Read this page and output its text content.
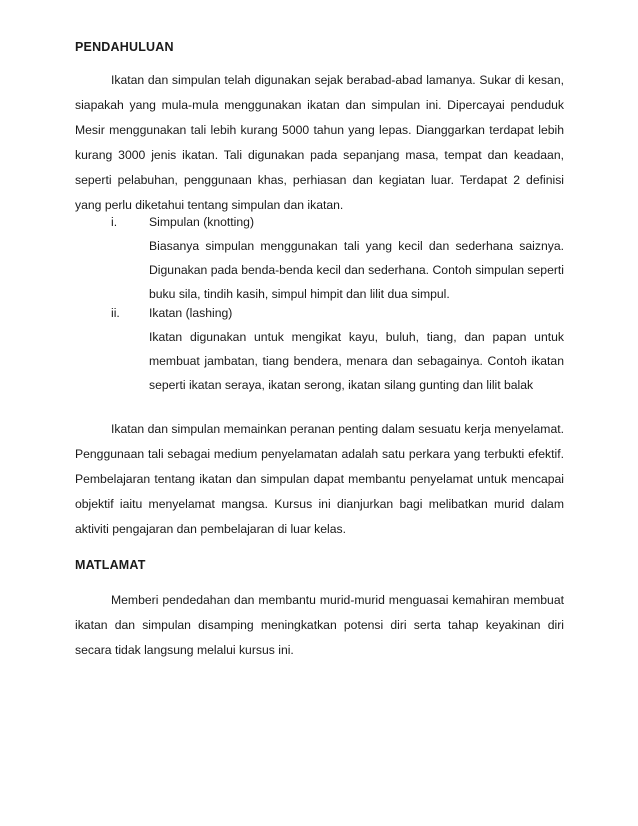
PENDAHULUAN

Ikatan dan simpulan telah digunakan sejak berabad-abad lamanya. Sukar di kesan, siapakah yang mula-mula menggunakan ikatan dan simpulan ini. Dipercayai penduduk Mesir menggunakan tali lebih kurang 5000 tahun yang lepas. Dianggarkan terdapat lebih kurang 3000 jenis ikatan. Tali digunakan pada sepanjang masa, tempat dan keadaan, seperti pelabuhan, penggunaan khas, perhiasan dan kegiatan luar. Terdapat 2 definisi yang perlu diketahui tentang simpulan dan ikatan.

i.	Simpulan (knotting)

Biasanya simpulan menggunakan tali yang kecil dan sederhana saiznya. Digunakan pada benda-benda kecil dan sederhana. Contoh simpulan seperti buku sila, tindih kasih, simpul himpit dan lilit dua simpul.

ii. Ikatan (lashing)

Ikatan digunakan untuk mengikat kayu, buluh, tiang, dan papan untuk membuat jambatan, tiang bendera, menara dan sebagainya. Contoh ikatan seperti ikatan seraya, ikatan serong, ikatan silang gunting dan lilit balak

Ikatan dan simpulan memainkan peranan penting dalam sesuatu kerja menyelamat. Penggunaan tali sebagai medium penyelamatan adalah satu perkara yang terbukti efektif. Pembelajaran tentang ikatan dan simpulan dapat membantu penyelamat untuk mencapai objektif iaitu menyelamat mangsa. Kursus ini dianjurkan bagi melibatkan murid dalam aktiviti pengajaran dan pembelajaran di luar kelas.

MATLAMAT

Memberi pendedahan dan membantu murid-murid menguasai kemahiran membuat ikatan dan simpulan disamping meningkatkan potensi diri serta tahap keyakinan diri secara tidak langsung melalui kursus ini.
